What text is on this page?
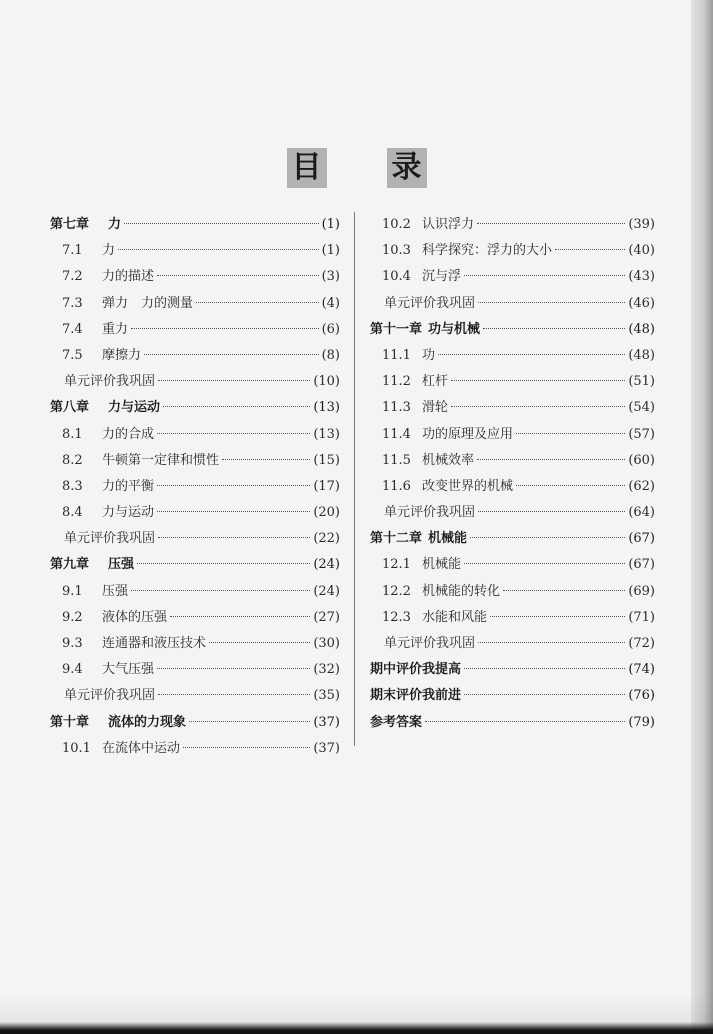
目 录
第七章	力	(1)
7.1	力	(1)
7.2	力的描述	(3)
7.3	弹力　力的测量	(4)
7.4	重力	(6)
7.5	摩擦力	(8)
单元评价我巩固	(10)
第八章	力与运动	(13)
8.1	力的合成	(13)
8.2	牛顿第一定律和惯性	(15)
8.3	力的平衡	(17)
8.4	力与运动	(20)
单元评价我巩固	(22)
第九章	压强	(24)
9.1	压强	(24)
9.2	液体的压强	(27)
9.3	连通器和液压技术	(30)
9.4	大气压强	(32)
单元评价我巩固	(35)
第十章	流体的力现象	(37)
10.1 在流体中运动	(37)
10.2 认识浮力	(39)
10.3 科学探究：浮力的大小	(40)
10.4 沉与浮	(43)
单元评价我巩固	(46)
第十一章 功与机械	(48)
11.1 功	(48)
11.2 杠杆	(51)
11.3 滑轮	(54)
11.4 功的原理及应用	(57)
11.5 机械效率	(60)
11.6 改变世界的机械	(62)
单元评价我巩固	(64)
第十二章 机械能	(67)
12.1 机械能	(67)
12.2 机械能的转化	(69)
12.3 水能和风能	(71)
单元评价我巩固	(72)
期中评价我提高	(74)
期末评价我前进	(76)
参考答案	(79)
